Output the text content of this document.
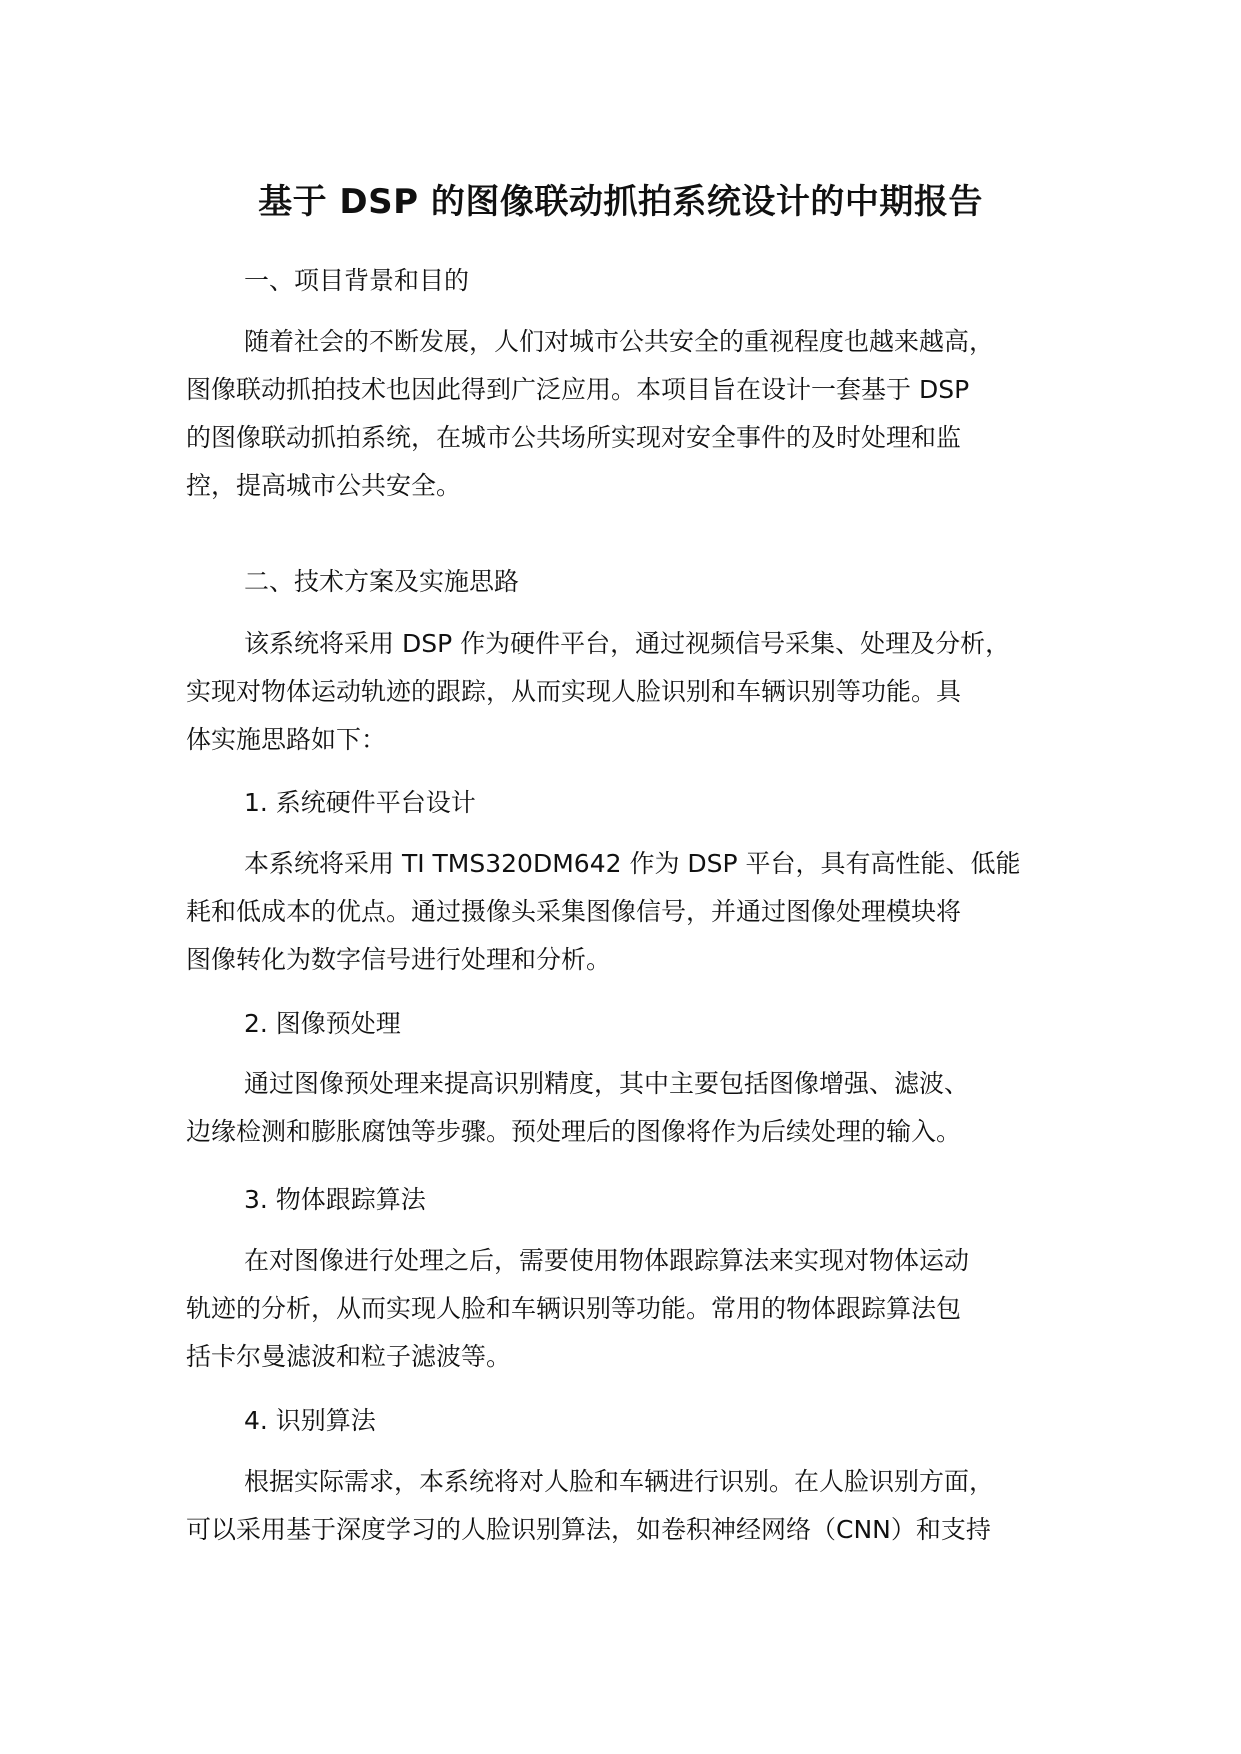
基于 DSP 的图像联动抓拍系统设计的中期报告
一、项目背景和目的
随着社会的不断发展，人们对城市公共安全的重视程度也越来越高，
图像联动抓拍技术也因此得到广泛应用。本项目旨在设计一套基于 DSP
的图像联动抓拍系统，在城市公共场所实现对安全事件的及时处理和监
控，提高城市公共安全。
二、技术方案及实施思路
该系统将采用 DSP 作为硬件平台，通过视频信号采集、处理及分析，
实现对物体运动轨迹的跟踪，从而实现人脸识别和车辆识别等功能。具
体实施思路如下：
1. 系统硬件平台设计
本系统将采用 TI TMS320DM642 作为 DSP 平台，具有高性能、低能
耗和低成本的优点。通过摄像头采集图像信号，并通过图像处理模块将
图像转化为数字信号进行处理和分析。
2. 图像预处理
通过图像预处理来提高识别精度，其中主要包括图像增强、滤波、
边缘检测和膨胀腐蚀等步骤。预处理后的图像将作为后续处理的输入。
3. 物体跟踪算法
在对图像进行处理之后，需要使用物体跟踪算法来实现对物体运动
轨迹的分析，从而实现人脸和车辆识别等功能。常用的物体跟踪算法包
括卡尔曼滤波和粒子滤波等。
4. 识别算法
根据实际需求，本系统将对人脸和车辆进行识别。在人脸识别方面，
可以采用基于深度学习的人脸识别算法，如卷积神经网络（CNN）和支持
